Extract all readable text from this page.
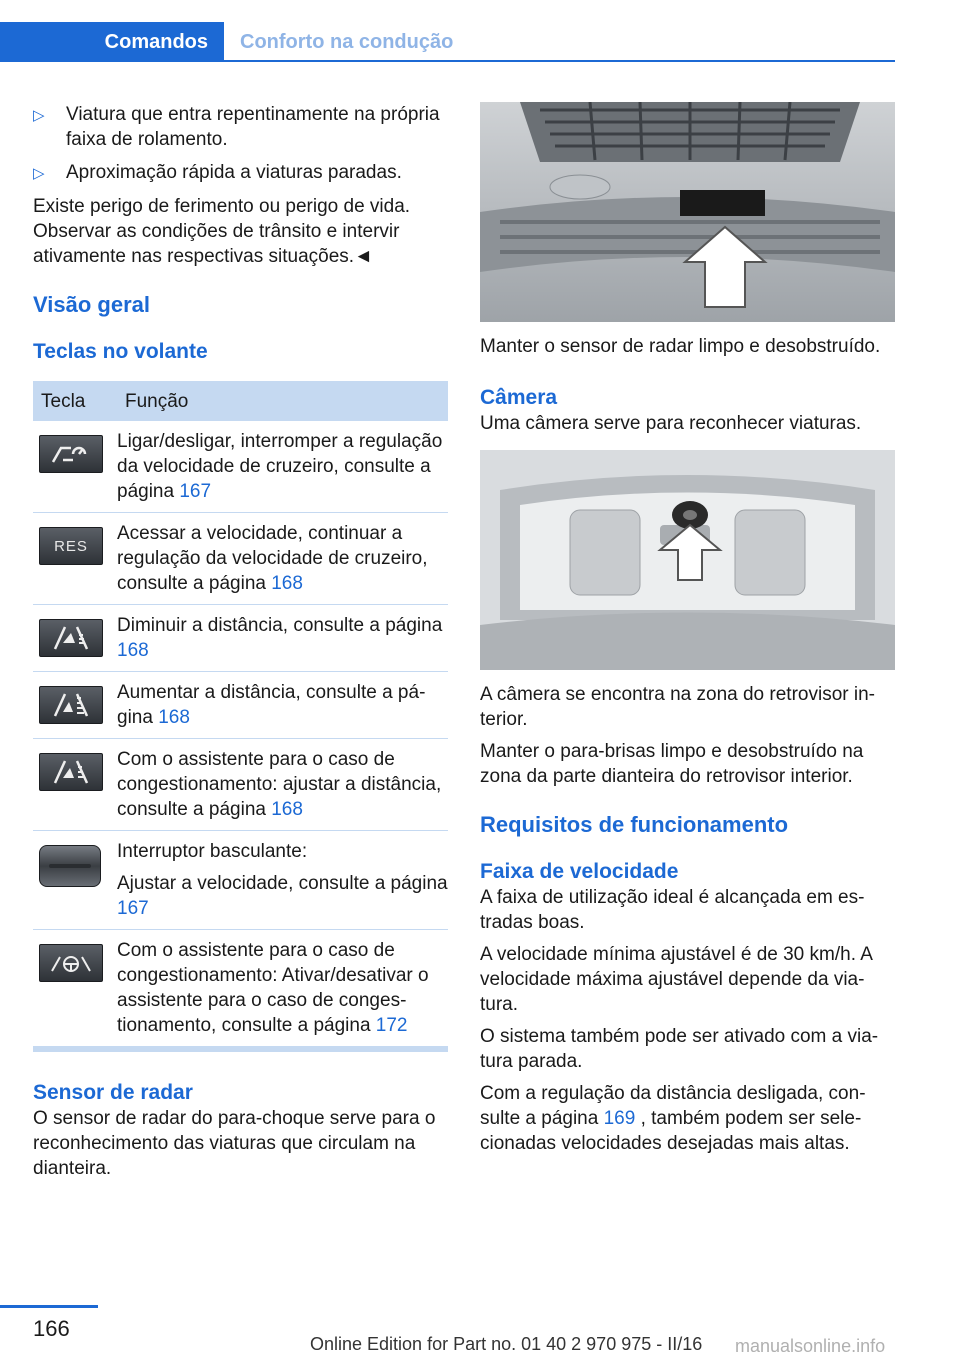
Comandos	Conforto na condução
▷	Viatura que entra repentinamente na própria faixa de rolamento.
▷	Aproximação rápida a viaturas paradas.
Existe perigo de ferimento ou perigo de vida. Observar as condições de trânsito e intervir ativamente nas respectivas situações.◄
Visão geral
Teclas no volante
Tecla	Função

	Ligar/desligar, interromper a regulação da velocidade de cruzeiro, consulte a página 167

RES	Acessar a velocidade, continuar a regulação da velocidade de cruzeiro, consulte a página 168

	Diminuir a distância, consulte a página 168

	Aumentar a distância, consulte a página 168

	Com o assistente para o caso de congestionamento: ajustar a distância, consulte a página 168

Interruptor basculante:
Ajustar a velocidade, consulte a página 167

	Com o assistente para o caso de congestionamento: Ativar/desativar o assistente para o caso de congestionamento, consulte a página 172
Sensor de radar
O sensor de radar do para-choque serve para o reconhecimento das viaturas que circulam na dianteira.
Manter o sensor de radar limpo e desobstruído.
Câmera
Uma câmera serve para reconhecer viaturas.
A câmera se encontra na zona do retrovisor interior.
Manter o para-brisas limpo e desobstruído na zona da parte dianteira do retrovisor interior.
Requisitos de funcionamento
Faixa de velocidade
A faixa de utilização ideal é alcançada em estradas boas.
A velocidade mínima ajustável é de 30 km/h. A velocidade máxima ajustável depende da viatura.
O sistema também pode ser ativado com a viatura parada.
Com a regulação da distância desligada, consulte a página 169 , também podem ser selecionadas velocidades desejadas mais altas.
166
Online Edition for Part no. 01 40 2 970 975 - II/16 manualsonline.info
